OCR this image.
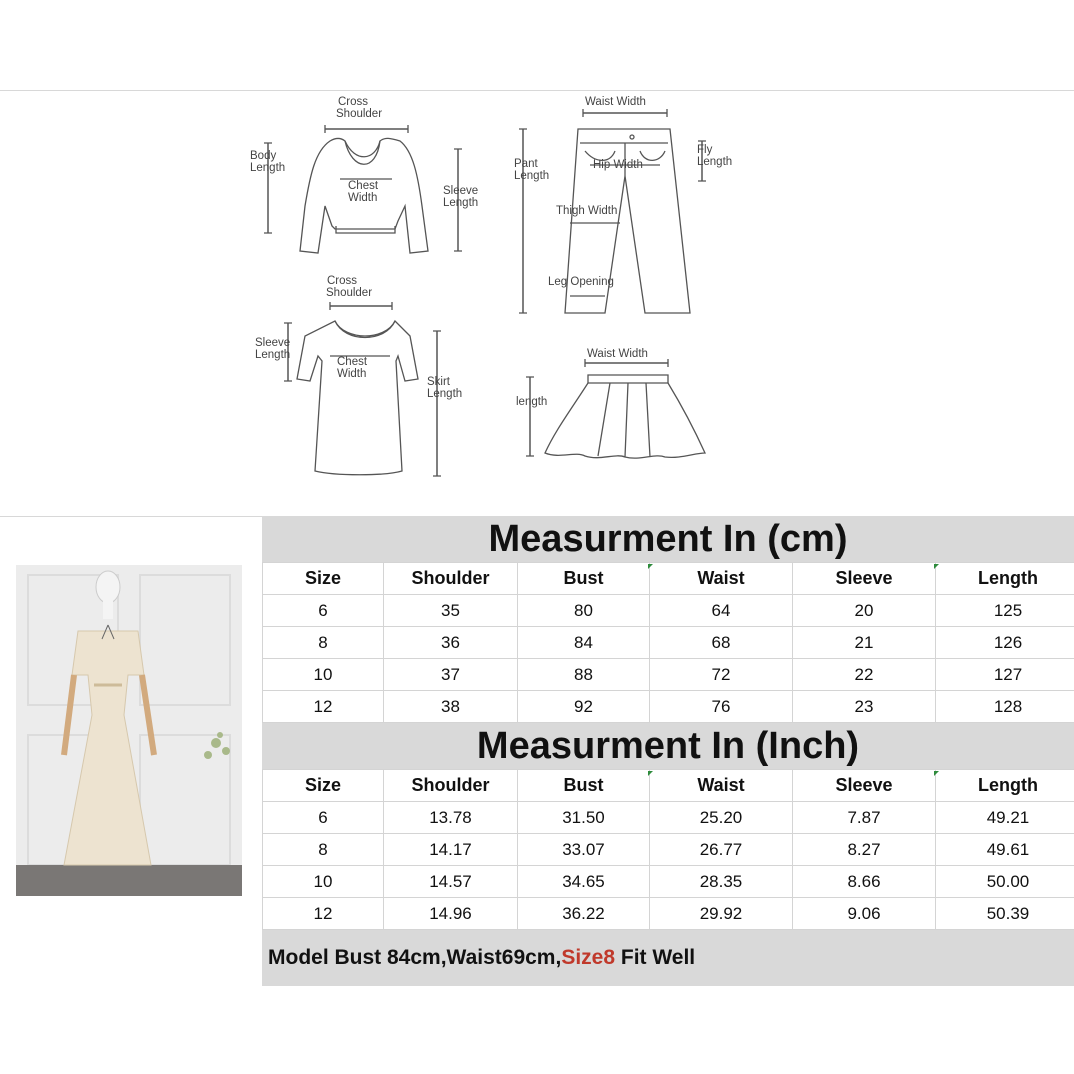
Cross
Shoulder
Body
Length
Chest
Width
Sleeve
Length
Waist Width
Pant
Length
Fly
Length
Hip Width
Thigh Width
Leg Opening
Cross
Shoulder
Sleeve
Length
Chest
Width
Skirt
Length
Waist Width
length
Measurment In (cm)
Size	Shoulder	Bust	Waist	Sleeve	Length
6	35	80	64	20	125
8	36	84	68	21	126
10	37	88	72	22	127
12	38	92	76	23	128
Measurment In (Inch)
Size	Shoulder	Bust	Waist	Sleeve	Length
6	13.78	31.50	25.20	7.87	49.21
8	14.17	33.07	26.77	8.27	49.61
10	14.57	34.65	28.35	8.66	50.00
12	14.96	36.22	29.92	9.06	50.39
Model Bust 84cm,Waist69cm, Size8 Fit Well
